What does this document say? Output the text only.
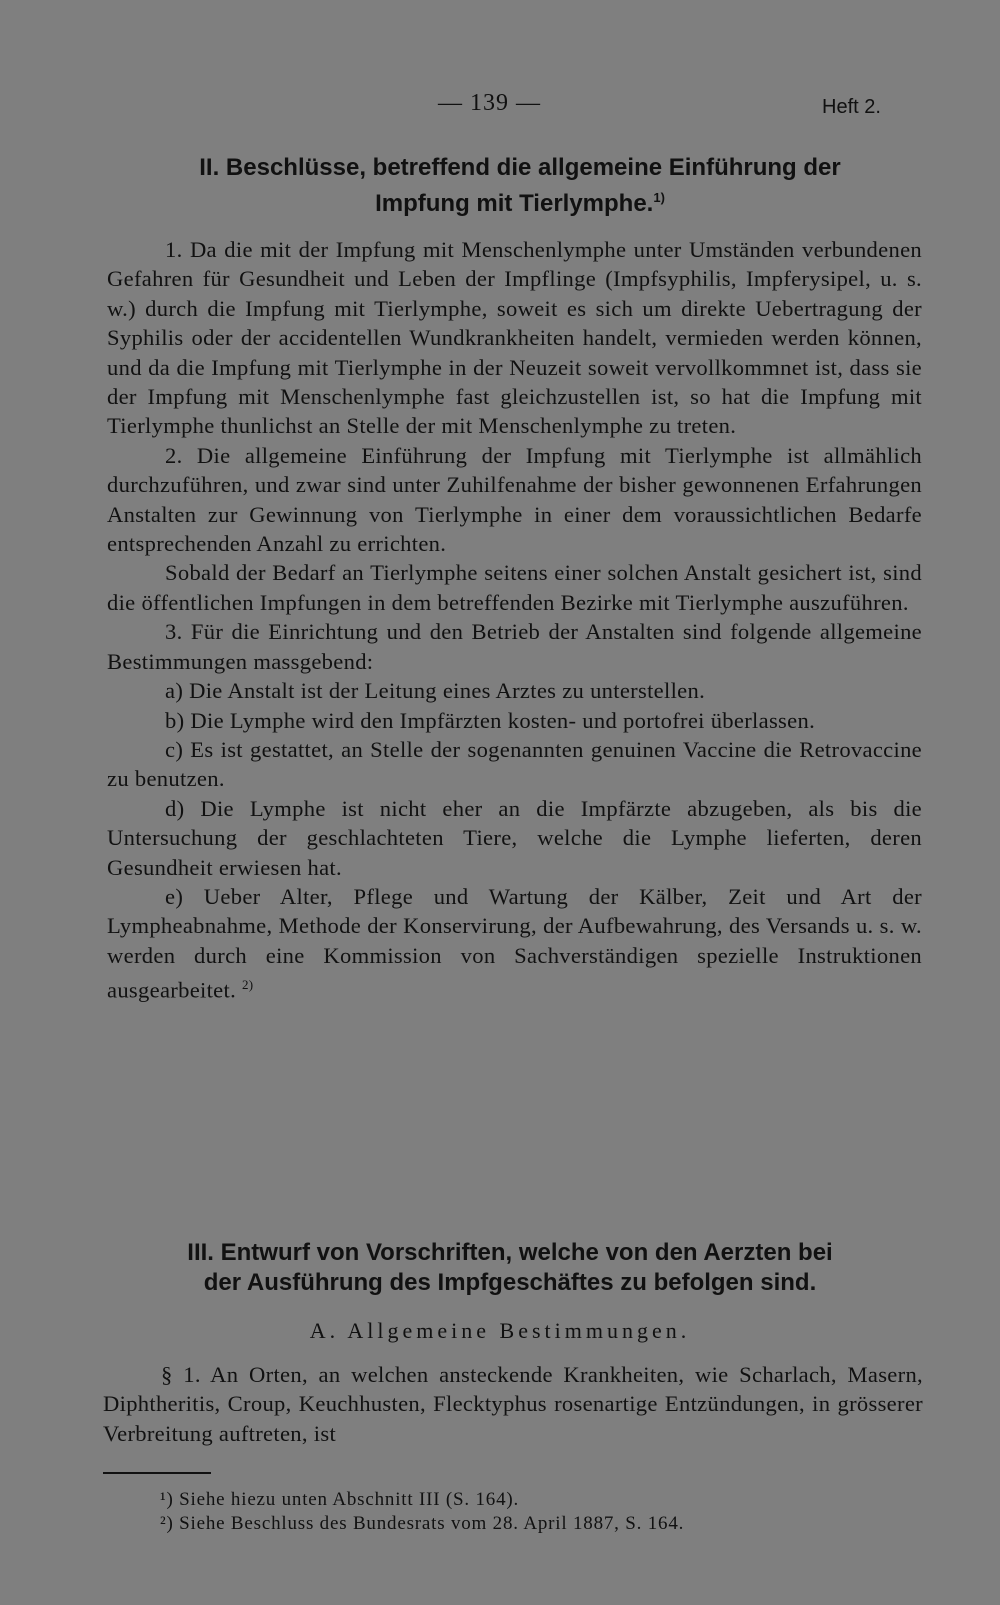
— 139 —	Heft 2.
II. Beschlüsse, betreffend die allgemeine Einführung der
Impfung mit Tierlymphe.$^{1)}$

1. Da die mit der Impfung mit Menschenlymphe unter Umständen verbundenen Gefahren für Gesundheit und Leben der Impflinge (Impfsyphilis, Impferysipel, u. s. w.) durch die Impfung mit Tierlymphe, soweit es sich um direkte Uebertragung der Syphilis oder der accidentellen Wundkrankheiten handelt, vermieden werden können, und da die Impfung mit Tierlymphe in der Neuzeit soweit vervollkommnet ist, dass sie der Impfung mit Menschenlymphe fast gleichzustellen ist, so hat die Impfung mit Tierlymphe thunlichst an Stelle der mit Menschenlymphe zu treten.

2. Die allgemeine Einführung der Impfung mit Tierlymphe ist allmählich durchzuführen, und zwar sind unter Zuhilfenahme der bisher gewonnenen Erfahrungen Anstalten zur Gewinnung von Tierlymphe in einer dem voraussichtlichen Bedarfe entsprechenden Anzahl zu errichten.

Sobald der Bedarf an Tierlymphe seitens einer solchen Anstalt gesichert ist, sind die öffentlichen Impfungen in dem betreffenden Bezirke mit Tierlymphe auszuführen.

3. Für die Einrichtung und den Betrieb der Anstalten sind folgende allgemeine Bestimmungen massgebend:

a) Die Anstalt ist der Leitung eines Arztes zu unterstellen.

b) Die Lymphe wird den Impfärzten kosten- und portofrei überlassen.

c) Es ist gestattet, an Stelle der sogenannten genuinen Vaccine die Retrovaccine zu benutzen.

d) Die Lymphe ist nicht eher an die Impfärzte abzugeben, als bis die Untersuchung der geschlachteten Tiere, welche die Lymphe lieferten, deren Gesundheit erwiesen hat.

e) Ueber Alter, Pflege und Wartung der Kälber, Zeit und Art der Lympheabnahme, Methode der Konservirung, der Aufbewahrung, des Versands u. s. w. werden durch eine Kommission von Sachverständigen spezielle Instruktionen ausgearbeitet. $^{2)}$

III. Entwurf von Vorschriften, welche von den Aerzten bei
der Ausführung des Impfgeschäftes zu befolgen sind.

A. Allgemeine Bestimmungen.

§ 1. An Orten, an welchen ansteckende Krankheiten, wie Scharlach, Masern, Diphtheritis, Croup, Keuchhusten, Flecktyphus rosenartige Entzündungen, in grösserer Verbreitung auftreten, ist

¹) Siehe hiezu unten Abschnitt III (S. 164).

²) Siehe Beschluss des Bundesrats vom 28. April 1887, S. 164.
